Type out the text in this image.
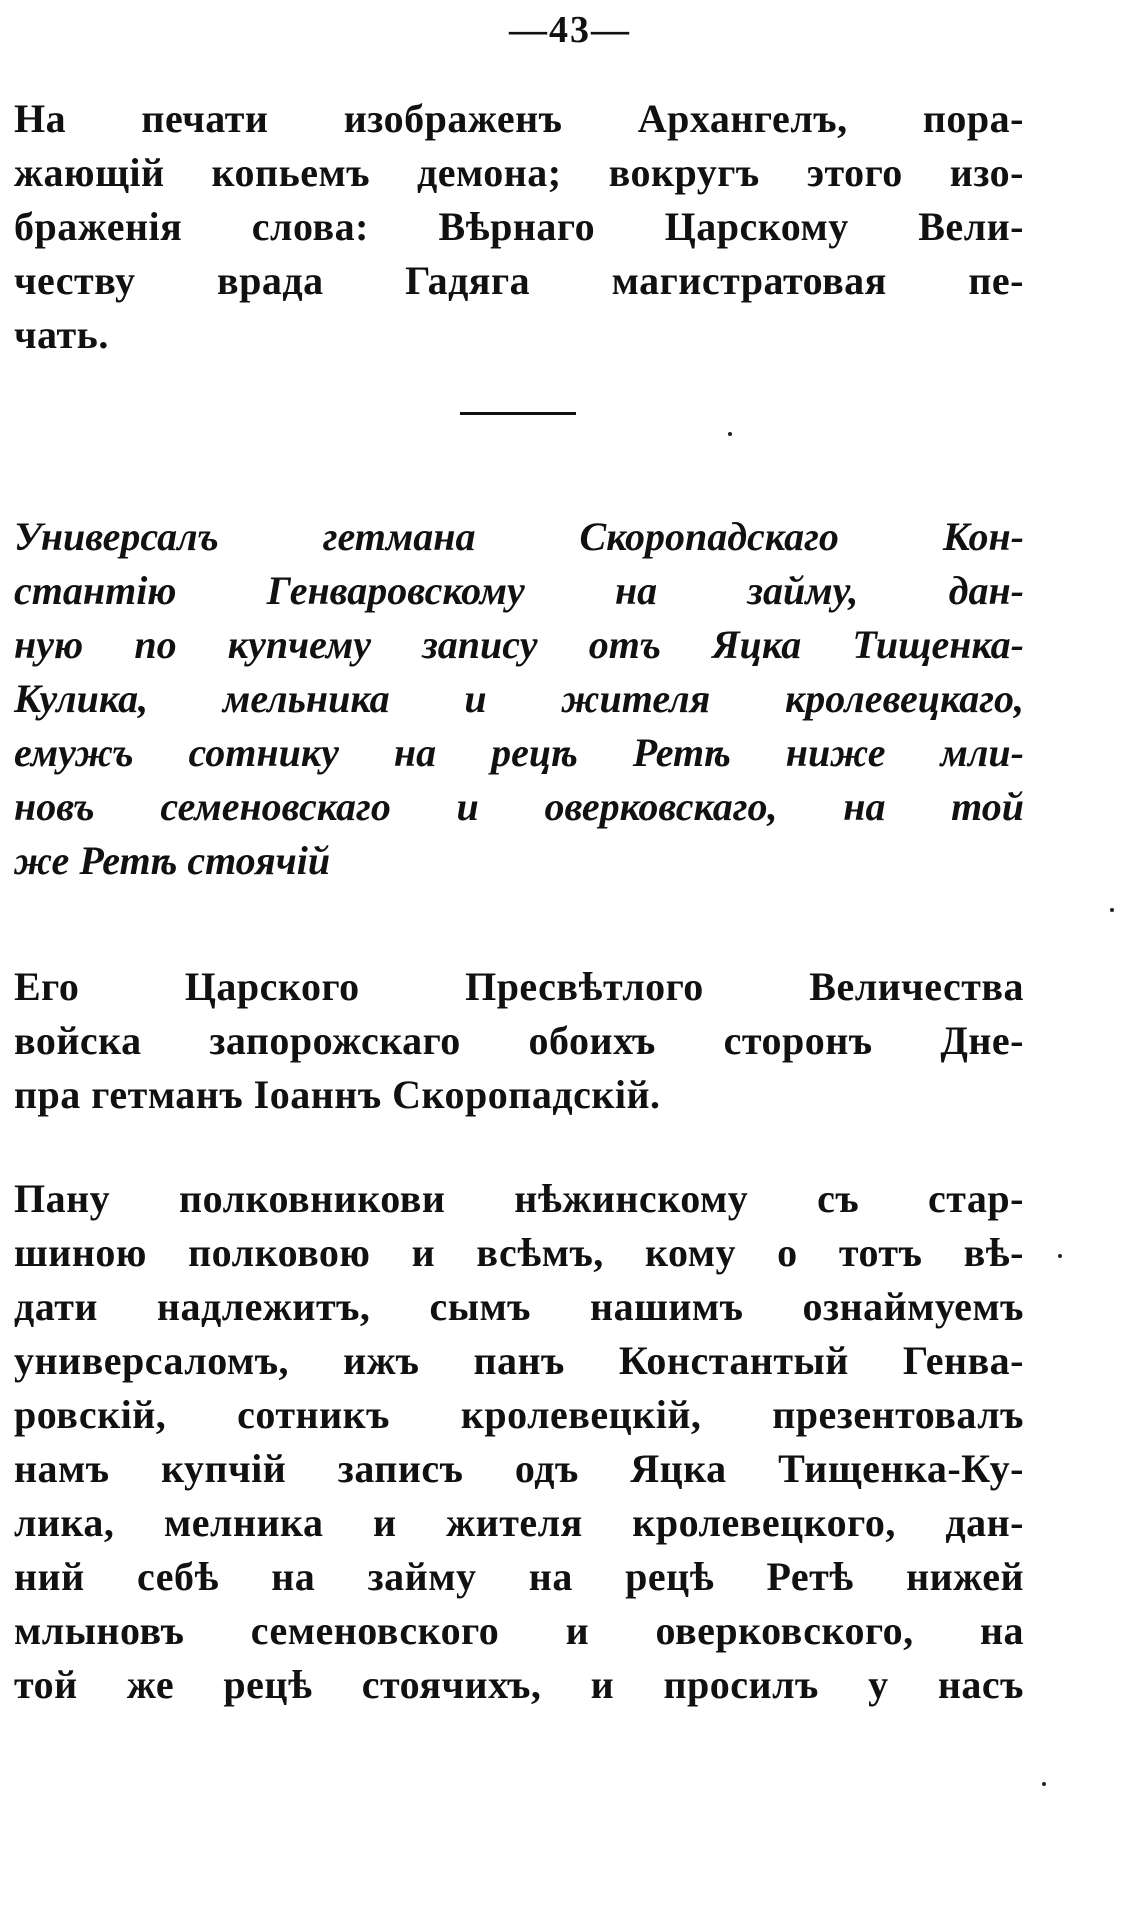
—43—
На печати изображенъ Архангелъ, пора-
жающій копьемъ демона; вокругъ этого изо-
браженія слова: Вѣрнаго Царскому Вели-
честву врада Гадяга магистратовая пе-
чать.
Универсалъ гетмана Скоропадскаго Кон-
стантію Генваровскому на займу, дан-
ную по купчему запису отъ Яцка Тищенка-
Кулика, мельника и жителя кролевецкаго,
емужъ сотнику на рецѣ Ретѣ ниже мли-
новъ семеновскаго и оверковскаго, на той
же Ретѣ стоячій
Его Царского Пресвѣтлого Величества
войска запорожскаго обоихъ сторонъ Дне-
пра гетманъ Іоаннъ Скоропадскій.
Пану полковникови нѣжинскому съ стар-
шиною полковою и всѣмъ, кому о тотъ вѣ-
дати надлежитъ, сымъ нашимъ ознаймуемъ
универсаломъ, ижъ панъ Константый Генва-
ровскій, сотникъ кролевецкій, презентовалъ
намъ купчій записъ одъ Яцка Тищенка-Ку-
лика, мелника и жителя кролевецкого, дан-
ний себѣ на займу на рецѣ Ретѣ нижей
млыновъ семеновского и оверковского, на
той же рецѣ стоячихъ, и просилъ у насъ
